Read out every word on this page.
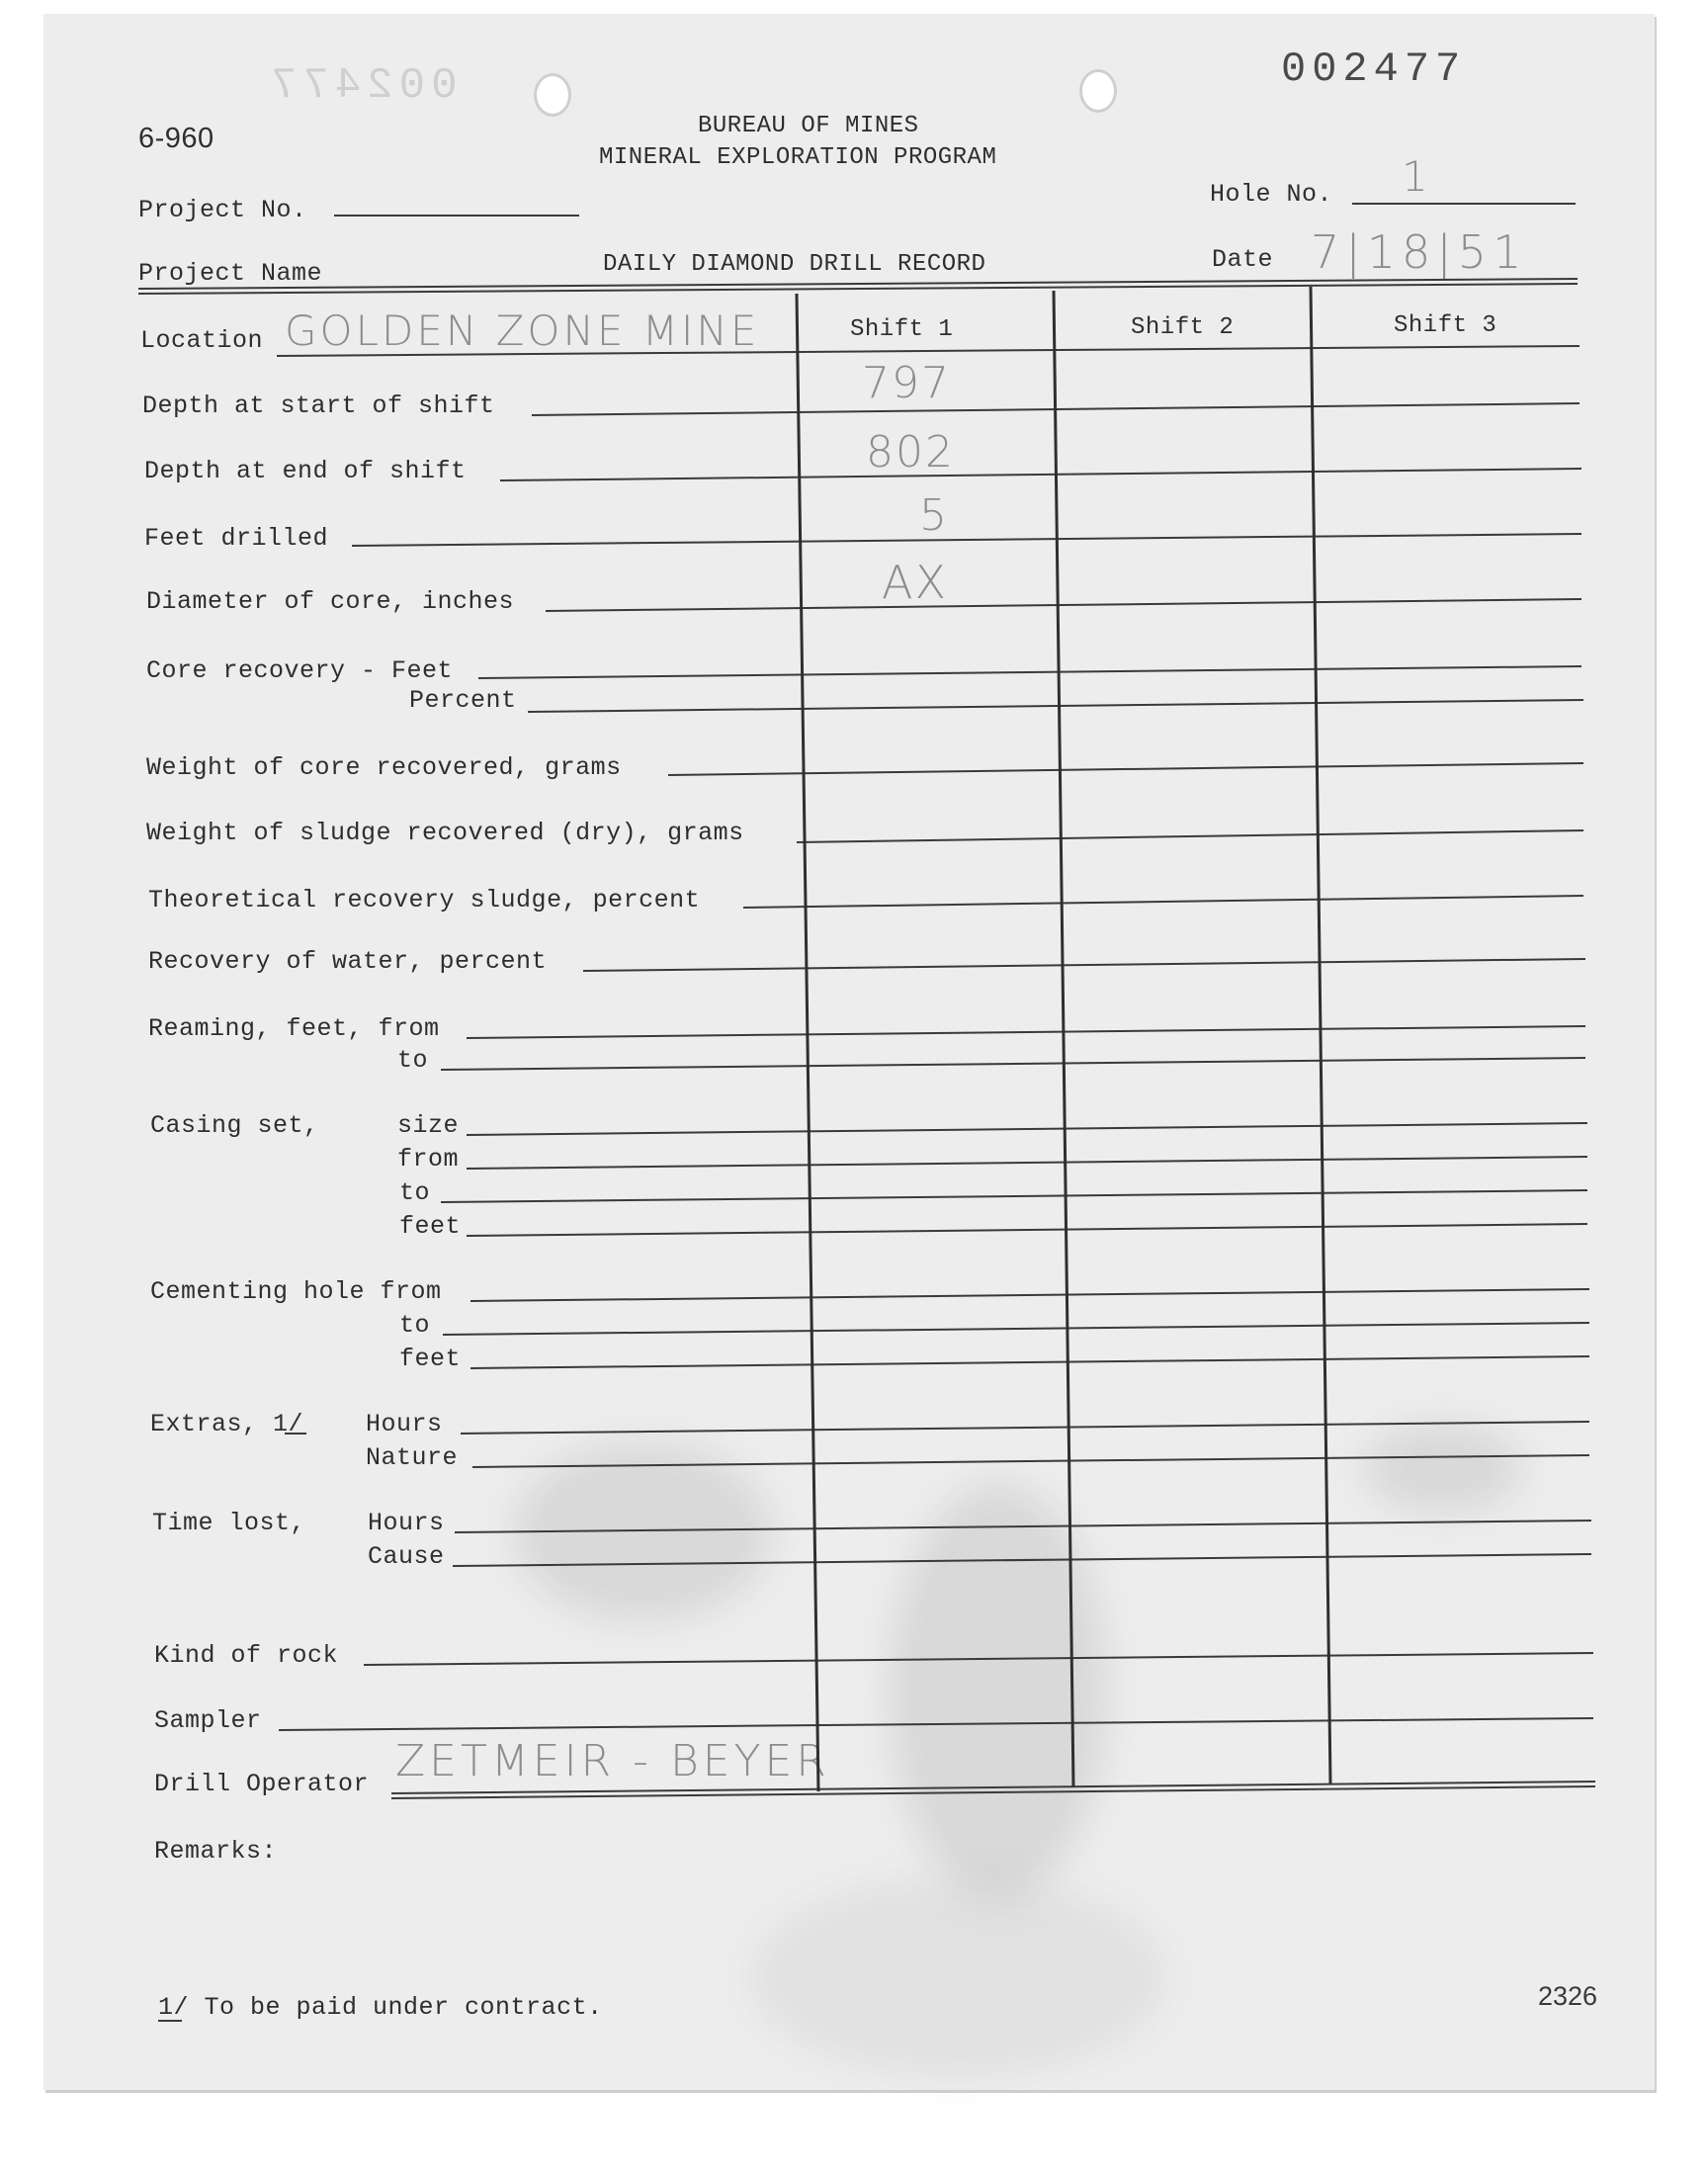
002477	002477
6-960	BUREAU OF MINES
MINERAL EXPLORATION PROGRAM
DAILY DIAMOND DRILL RECORD
Project No.
Hole No. 1
Project Name	Date 7|18|51
Location GOLDEN ZONE MINE	Shift 1	Shift 2	Shift 3
Depth at start of shift	797
Depth at end of shift	802
Feet drilled	5
Diameter of core, inches	AX
Core recovery - Feet
Percent
Weight of core recovered, grams
Weight of sludge recovered (dry), grams
Theoretical recovery sludge, percent
Recovery of water, percent
Reaming, feet, from
to
Casing set,	size
from
to
feet
Cementing hole from
to
feet
Extras, 1/	Hours
Nature
Time lost,	Hours
Cause
Kind of rock
Sampler
Drill Operator ZETMEIR - BEYER
Remarks:
1/ To be paid under contract.	2326
